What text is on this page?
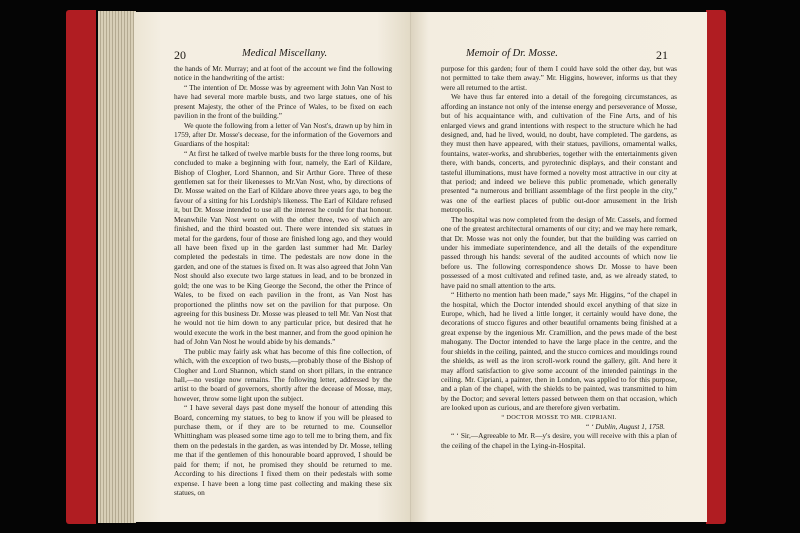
20	Medical Miscellany.

the hands of Mr. Murray; and at foot of the account we find the following notice in the handwriting of the artist:

“ The intention of Dr. Mosse was by agreement with John Van Nost to have had several more marble busts, and two large statues, one of his present Majesty, the other of the Prince of Wales, to be fixed on each pavilion in the front of the building.”

We quote the following from a letter of Van Nost's, drawn up by him in 1759, after Dr. Mosse's decease, for the information of the Governors and Guardians of the hospital:

“ At first he talked of twelve marble busts for the three long rooms, but concluded to make a beginning with four, namely, the Earl of Kildare, Bishop of Clogher, Lord Shannon, and Sir Arthur Gore. Three of these gentlemen sat for their likenesses to Mr.Van Nost, who, by directions of Dr. Mosse waited on the Earl of Kildare above three years ago, to beg the favour of a sitting for his Lordship's likeness. The Earl of Kildare refused it, but Dr. Mosse intended to use all the interest he could for that honour. Meanwhile Van Nost went on with the other three, two of which are finished, and the third boasted out. There were intended six statues in metal for the gardens, four of those are finished long ago, and they would all have been fixed up in the garden last summer had Mr. Darley completed the pedestals in time. The pedestals are now done in the garden, and one of the statues is fixed on. It was also agreed that John Van Nost should also execute two large statues in lead, and to be bronzed in gold; the one was to be King George the Second, the other the Prince of Wales, to be fixed on each pavilion in the front, as Van Nost has proportioned the plinths now set on the pavilion for that purpose. On agreeing for this business Dr. Mosse was pleased to tell Mr. Van Nost that he would not tie him down to any particular price, but desired that he would execute the work in the best manner, and from the good opinion he had of John Van Nost he would abide by his demands.”

The public may fairly ask what has become of this fine collection, of which, with the exception of two busts,—probably those of the Bishop of Clogher and Lord Shannon, which stand on short pillars, in the entrance hall,—no vestige now remains. The following letter, addressed by the artist to the board of governors, shortly after the decease of Mosse, may, however, throw some light upon the subject.

“ I have several days past done myself the honour of attending this Board, concerning my statues, to beg to know if you will be pleased to purchase them, or if they are to be returned to me. Counsellor Whittingham was pleased some time ago to tell me to bring them, and fix them on the pedestals in the garden, as was intended by Dr. Mosse, telling me that if the gentlemen of this honourable board approved, I should be paid for them; if not, he promised they should be returned to me. According to his directions I fixed them on their pedestals with some expense. I have been a long time past collecting and making these six statues, on

Memoir of Dr. Mosse.	21

purpose for this garden; four of them I could have sold the other day, but was not permitted to take them away.” Mr. Higgins, however, informs us that they were all returned to the artist.

We have thus far entered into a detail of the foregoing circumstances, as affording an instance not only of the intense energy and perseverance of Mosse, but of his acquaintance with, and cultivation of the Fine Arts, and of his enlarged views and grand intentions with respect to the structure which he had designed, and, had he lived, would, no doubt, have completed. The gardens, as they must then have appeared, with their statues, pavilions, ornamental walks, fountains, water-works, and shrubberies, together with the entertainments given there, with bands, concerts, and pyrotechnic displays, and their constant and tasteful illuminations, must have formed a novelty most attractive in our city at that period; and indeed we believe this public promenade, which generally presented “a numerous and brilliant assemblage of the first people in the city,” was one of the earliest places of public out-door amusement in the Irish metropolis.

The hospital was now completed from the design of Mr. Cassels, and formed one of the greatest architectural ornaments of our city; and we may here remark, that Dr. Mosse was not only the founder, but that the building was carried on under his immediate superintendence, and all the details of the expenditure passed through his hands: several of the audited accounts of which now lie before us. The following correspondence shows Dr. Mosse to have been possessed of a most cultivated and refined taste, and, as we already stated, to have paid no small attention to the arts.

“ Hitherto no mention hath been made,” says Mr. Higgins, “of the chapel in the hospital, which the Doctor intended should excel anything of that size in Europe, which, had he lived a little longer, it certainly would have done, the decorations of stucco figures and other beautiful ornaments being finished at a great expense by the ingenious Mr. Cramillion, and the pews made of the best mahogany. The Doctor intended to have the large place in the centre, and the four shields in the ceiling, painted, and the stucco cornices and mouldings round the shields, as well as the iron scroll-work round the gallery, gilt. And here it may afford satisfaction to give some account of the intended paintings in the ceiling. Mr. Cipriani, a painter, then in London, was applied to for this purpose, and a plan of the chapel, with the shields to be painted, was transmitted to him by the Doctor; and several letters passed between them on that occasion, which are looked upon as curious, and are therefore given verbatim.

“ DOCTOR MOSSE TO MR. CIPRIANI.

“ ‘ Dublin, August 1, 1758.

“ ‘ Sir,—Agreeable to Mr. R—y's desire, you will receive with this a plan of the ceiling of the chapel in the Lying-in-Hospital.
